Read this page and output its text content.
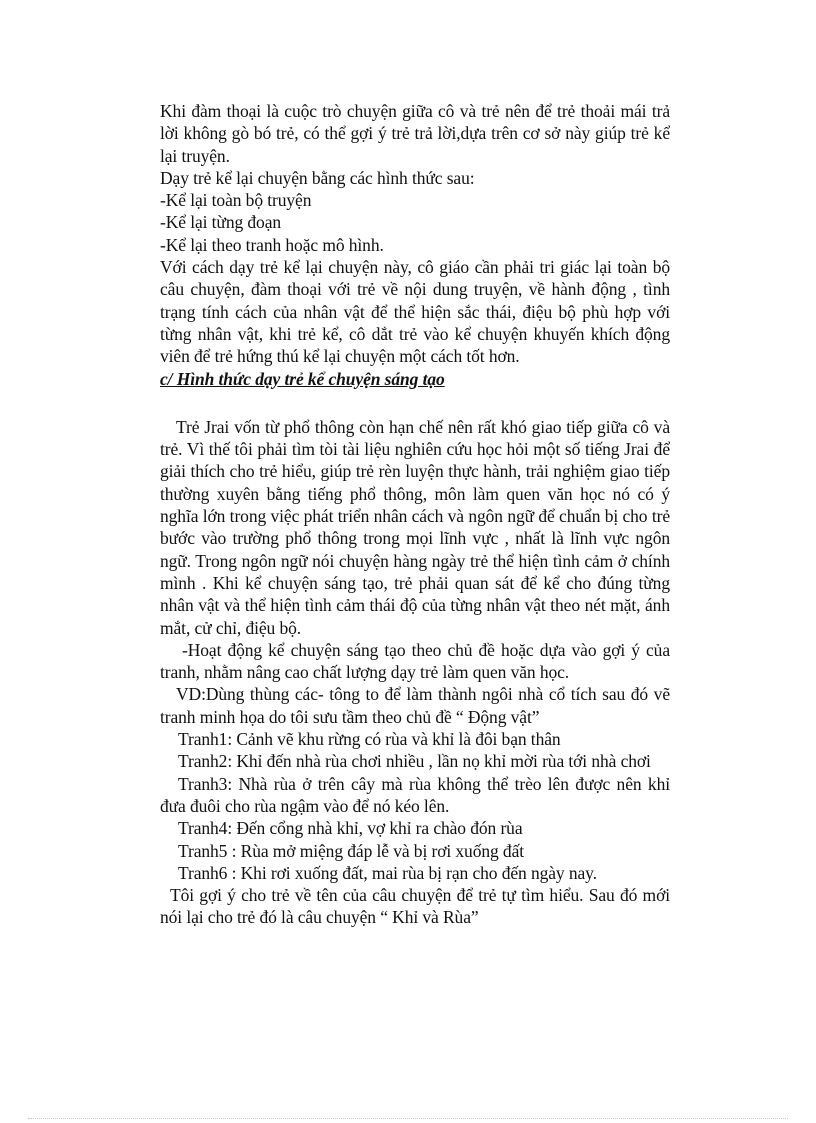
Khi đàm thoại là cuộc trò chuyện giữa cô và trẻ nên để trẻ thoải mái trả lời không gò bó trẻ, có thể gợi ý trẻ trả lời,dựa trên cơ sở này giúp trẻ kể lại truyện.

Dạy trẻ kể lại chuyện bằng các hình thức sau:

-Kể lại toàn bộ truyện

-Kể lại từng đoạn

-Kể lại theo tranh hoặc mô hình.

Với cách dạy trẻ kể lại chuyện này, cô giáo cần phải tri giác lại toàn bộ câu chuyện, đàm thoại với trẻ về nội dung truyện, về hành động , tình trạng tính cách của nhân vật để thể hiện sắc thái, điệu bộ phù hợp với từng nhân vật, khi trẻ kể, cô dắt trẻ vào kể chuyện khuyến khích động viên để trẻ hứng thú kể lại chuyện một cách tốt hơn.

c/ Hình thức dạy trẻ kể chuyện sáng tạo

Trẻ Jrai vốn từ phổ thông còn hạn chế nên rất khó giao tiếp giữa cô và trẻ. Vì thế tôi phải tìm tòi tài liệu nghiên cứu học hỏi một số tiếng Jrai để giải thích cho trẻ hiểu, giúp trẻ rèn luyện thực hành, trải nghiệm giao tiếp thường xuyên bằng tiếng phổ thông, môn làm quen văn học nó có ý nghĩa lớn trong việc phát triển nhân cách và ngôn ngữ để chuẩn bị cho trẻ bước vào trường phổ thông trong mọi lĩnh vực , nhất là lĩnh vực ngôn ngữ. Trong ngôn ngữ nói chuyện hàng ngày trẻ thể hiện tình cảm ở chính mình . Khi kể chuyện sáng tạo, trẻ phải quan sát để kể cho đúng từng nhân vật và thể hiện tình cảm thái độ của từng nhân vật theo nét mặt, ánh mắt, cử chỉ, điệu bộ.

-Hoạt động kể chuyện sáng tạo theo chủ đề hoặc dựa vào gợi ý của tranh, nhằm nâng cao chất lượng dạy trẻ làm quen văn học.

VD:Dùng thùng các- tông to để làm thành ngôi nhà cổ tích sau đó vẽ tranh minh họa do tôi sưu tầm theo chủ đề “ Động vật”

Tranh1: Cảnh vẽ khu rừng có rùa và khỉ là đôi bạn thân

Tranh2: Khỉ đến nhà rùa chơi nhiều , lần nọ khỉ mời rùa tới nhà chơi

Tranh3: Nhà rùa ở trên cây mà rùa không thể trèo lên được nên khỉ đưa đuôi cho rùa ngậm vào để nó kéo lên.

Tranh4: Đến cổng nhà khỉ, vợ khỉ ra chào đón rùa

Tranh5 : Rùa mở miệng đáp lễ và bị rơi xuống đất

Tranh6 : Khi rơi xuống đất, mai rùa bị rạn cho đến ngày nay.

Tôi gợi ý cho trẻ về tên của câu chuyện để trẻ tự tìm hiểu. Sau đó mới nói lại cho trẻ đó là câu chuyện “ Khỉ và Rùa”
